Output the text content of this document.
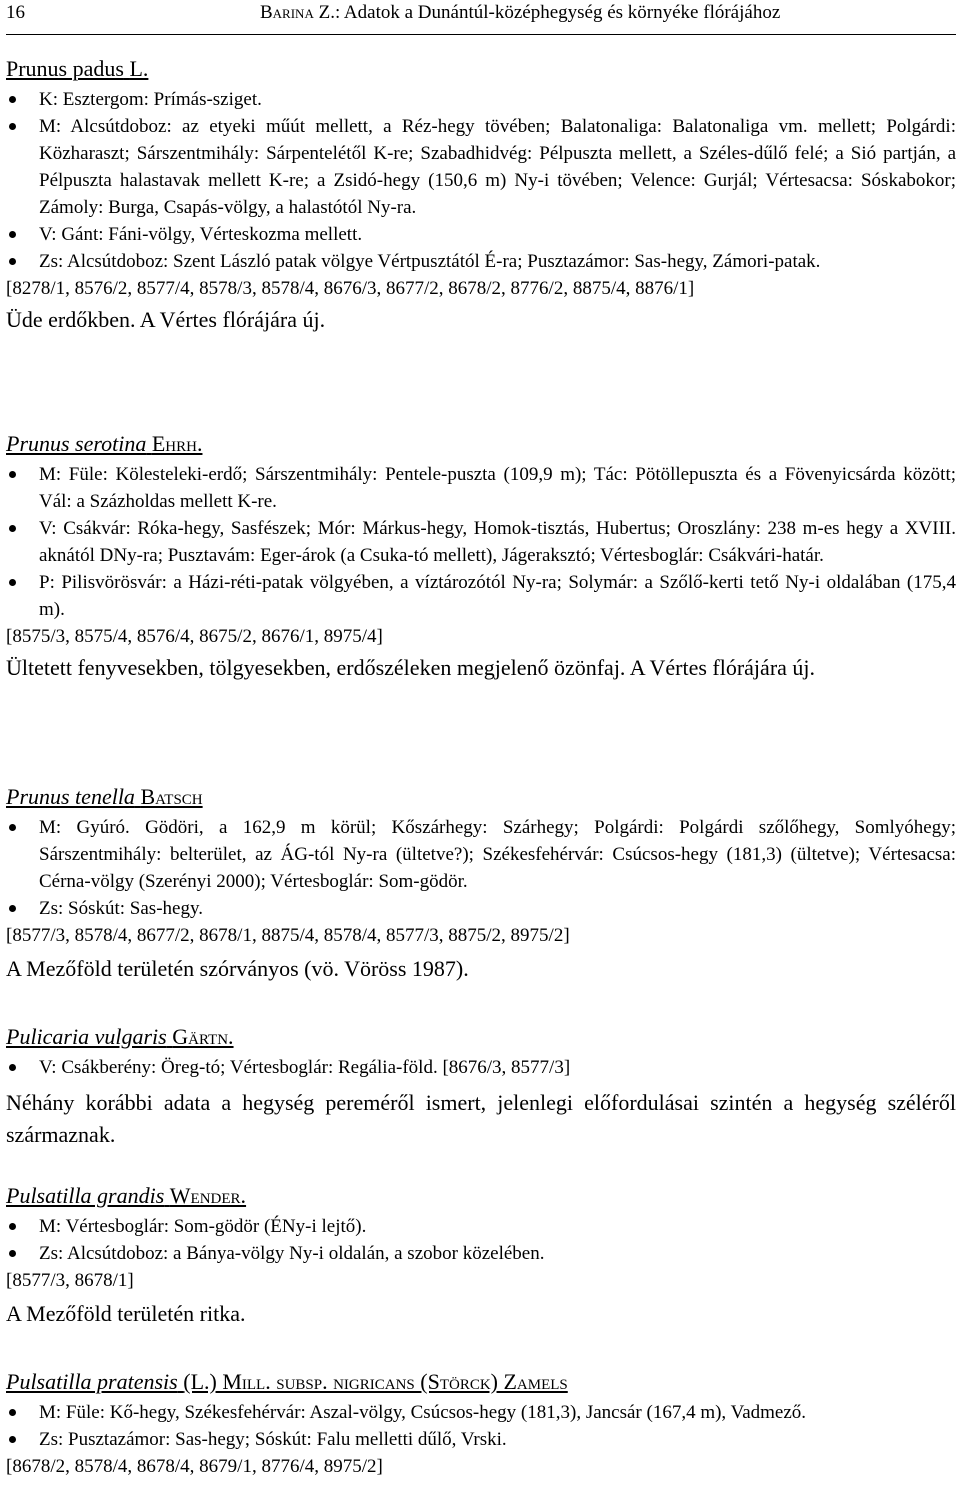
16	Barina Z.: Adatok a Dunántúl-középhegység és környéke flórájához

Prunus padus L.

K: Esztergom: Prímás-sziget.
M: Alcsútdoboz: az etyeki műút mellett, a Réz-hegy tövében; Balatonaliga: Balatonaliga vm. mellett; Polgárdi: Közharaszt; Sárszentmihály: Sárpentelétől K-re; Szabadhidvég: Pélpuszta mellett, a Széles-dűlő felé; a Sió partján, a Pélpuszta halastavak mellett K-re; a Zsidó-hegy (150,6 m) Ny-i tövében; Velence: Gurjál; Vértesacsa: Sóskabokor; Zámoly: Burga, Csapás-völgy, a halastótól Ny-ra.
V: Gánt: Fáni-völgy, Vérteskozma mellett.
Zs: Alcsútdoboz: Szent László patak völgye Vértpusztától É-ra; Pusztazámor: Sas-hegy, Zámori-patak.

[8278/1, 8576/2, 8577/4, 8578/3, 8578/4, 8676/3, 8677/2, 8678/2, 8776/2, 8875/4, 8876/1]

Üde erdőkben. A Vértes flórájára új.

Prunus serotina Ehrh.

M: Füle: Kölesteleki-erdő; Sárszentmihály: Pentele-puszta (109,9 m); Tác: Pötöllepuszta és a Fövenyicsárda között; Vál: a Százholdas mellett K-re.
V: Csákvár: Róka-hegy, Sasfészek; Mór: Márkus-hegy, Homok-tisztás, Hubertus; Oroszlány: 238 m-es hegy a XVIII. aknától DNy-ra; Pusztavám: Eger-árok (a Csuka-tó mellett), Jágeraksztó; Vértesboglár: Csákvári-határ.
P: Pilisvörösvár: a Házi-réti-patak völgyében, a víztározótól Ny-ra; Solymár: a Szőlő-kerti tető Ny-i oldalában (175,4 m).

[8575/3, 8575/4, 8576/4, 8675/2, 8676/1, 8975/4]

Ültetett fenyvesekben, tölgyesekben, erdőszéleken megjelenő özönfaj. A Vértes flórájára új.

Prunus tenella Batsch

M: Gyúró. Gödöri, a 162,9 m körül; Kőszárhegy: Szárhegy; Polgárdi: Polgárdi szőlőhegy, Somlyóhegy; Sárszentmihály: belterület, az ÁG-tól Ny-ra (ültetve?); Székesfehérvár: Csúcsos-hegy (181,3) (ültetve); Vértesacsa: Cérna-völgy (Szerényi 2000); Vértesboglár: Som-gödör.
Zs: Sóskút: Sas-hegy.

[8577/3, 8578/4, 8677/2, 8678/1, 8875/4, 8578/4, 8577/3, 8875/2, 8975/2]

A Mezőföld területén szórványos (vö. Vöröss 1987).

Pulicaria vulgaris Gärtn.

V: Csákberény: Öreg-tó; Vértesboglár: Regália-föld. [8676/3, 8577/3]

Néhány korábbi adata a hegység pereméről ismert, jelenlegi előfordulásai szintén a hegység széléről származnak.

Pulsatilla grandis Wender.

M: Vértesboglár: Som-gödör (ÉNy-i lejtő).
Zs: Alcsútdoboz: a Bánya-völgy Ny-i oldalán, a szobor közelében.

[8577/3, 8678/1]

A Mezőföld területén ritka.

Pulsatilla pratensis (L.) Mill. subsp. nigricans (Störck) Zamels

M: Füle: Kő-hegy, Székesfehérvár: Aszal-völgy, Csúcsos-hegy (181,3), Jancsár (167,4 m), Vadmező.
Zs: Pusztazámor: Sas-hegy; Sóskút: Falu melletti dűlő, Vrski.

[8678/2, 8578/4, 8678/4, 8679/1, 8776/4, 8975/2]
